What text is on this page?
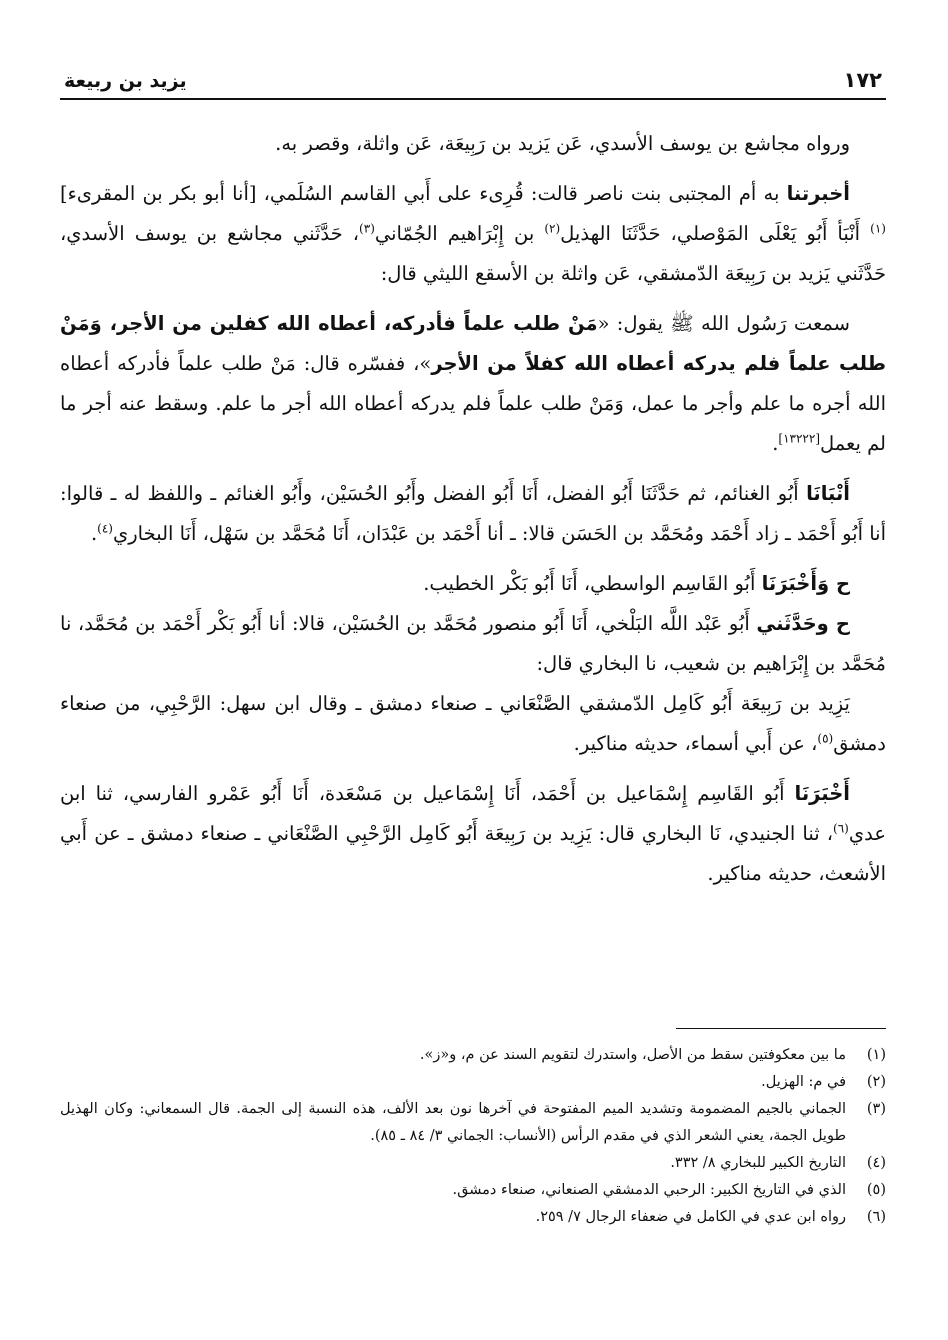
١٧٢
يزيد بن ربيعة

ورواه مجاشع بن يوسف الأسدي، عَن يَزيد بن رَبِيعَة، عَن واثلة، وقصر به.

أخبرتنا به أم المجتبى بنت ناصر قالت: قُرِىء على أَبي القاسم السُلَمي، [أنا أبو بكر بن المقرىء]$^{(١)}$ أَنْبَأ أَبُو يَعْلَى المَوْصلي، حَدَّثَنَا الهذيل$^{(٢)}$ بن إِبْرَاهيم الجُمّاني$^{(٣)}$، حَدَّثَني مجاشع بن يوسف الأسدي، حَدَّثَني يَزيد بن رَبِيعَة الدّمشقي، عَن واثلة بن الأسقع الليثي قال:

سمعت رَسُول الله ﷺ يقول: «مَنْ طلب علماً فأدركه، أعطاه الله كفلين من الأجر، وَمَنْ طلب علماً فلم يدركه أعطاه الله كفلاً من الأجر»، ففسّره قال: مَنْ طلب علماً فأدركه أعطاه الله أجره ما علم وأجر ما عمل، وَمَنْ طلب علماً فلم يدركه أعطاه الله أجر ما علم. وسقط عنه أجر ما لم يعمل[١٣٢٢٢].

أَنْبَانَا أَبُو الغنائم، ثم حَدَّثَنَا أَبُو الفضل، أَنَا أَبُو الفضل وأَبُو الحُسَيْن، وأَبُو الغنائم ـ واللفظ له ـ قالوا: أنا أَبُو أَحْمَد ـ زاد أَحْمَد ومُحَمَّد بن الحَسَن قالا: ـ أنا أَحْمَد بن عَبْدَان، أَنَا مُحَمَّد بن سَهْل، أَنَا البخاري$^{(٤)}$.

ح وَأَخْبَرَنَا أَبُو القَاسِم الواسطي، أَنَا أَبُو بَكْر الخطيب.

ح وحَدَّثَني أَبُو عَبْد اللَّه البَلْخي، أَنَا أَبُو منصور مُحَمَّد بن الحُسَيْن، قالا: أنا أَبُو بَكْر أَحْمَد بن مُحَمَّد، نا مُحَمَّد بن إِبْرَاهيم بن شعيب، نا البخاري قال:

يَزِيد بن رَبِيعَة أَبُو كَامِل الدّمشقي الصَّنْعَاني ـ صنعاء دمشق ـ وقال ابن سهل: الرَّحْبِي، من صنعاء دمشق$^{(٥)}$، عن أَبي أسماء، حديثه مناكير.

أَخْبَرَنَا أَبُو القَاسِم إِسْمَاعيل بن أَحْمَد، أَنَا إِسْمَاعيل بن مَسْعَدة، أَنَا أَبُو عَمْرو الفارسي، ثنا ابن عدي$^{(٦)}$، ثنا الجنيدي، نَا البخاري قال: يَزِيد بن رَبِيعَة أَبُو كَامِل الرَّحْبِي الصَّنْعَاني ـ صنعاء دمشق ـ عن أَبي الأشعث، حديثه مناكير.

(١)
ما بين معكوفتين سقط من الأصل، واستدرك لتقويم السند عن م، و«ز».
(٢)
في م: الهزيل.
(٣)
الجماني بالجيم المضمومة وتشديد الميم المفتوحة في آخرها نون بعد الألف، هذه النسبة إلى الجمة. قال السمعاني: وكان الهذيل طويل الجمة، يعني الشعر الذي في مقدم الرأس (الأنساب: الجماني ٣/ ٨٤ ـ ٨٥).
(٤)
التاريخ الكبير للبخاري ٨/ ٣٣٢.
(٥)
الذي في التاريخ الكبير: الرحبي الدمشقي الصنعاني، صنعاء دمشق.
(٦)
رواه ابن عدي في الكامل في ضعفاء الرجال ٧/ ٢٥٩.
